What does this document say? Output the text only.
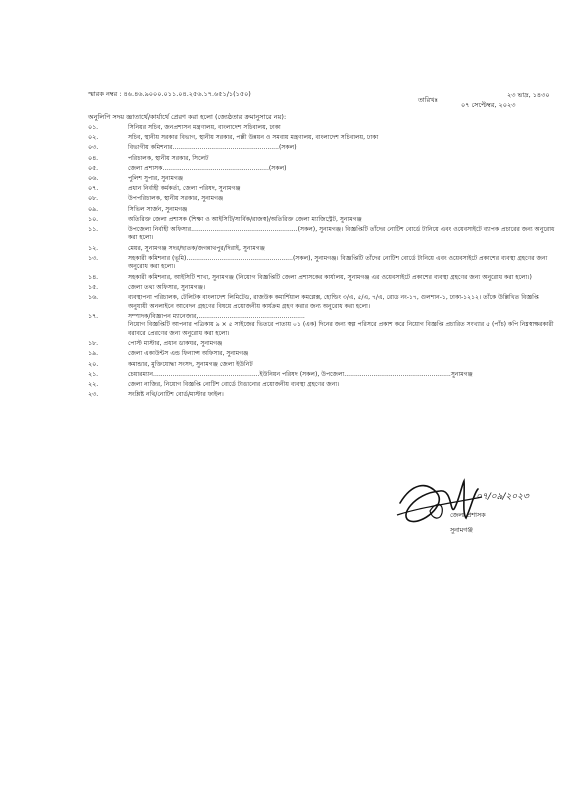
স্মারক নম্বর : ৪৬.৪৬.৯০০০.০১১.০৪.২৫৬.১৭.৬৫১/১(১৫০)	২৩ ভাদ্র, ১৪৩০
তারিখঃ
০৭ সেপ্টেম্বর, ২০২৩
অনুলিপি সদয় জ্ঞাতার্থে/কার্যার্থে প্রেরণ করা হলো (জ্যেষ্ঠতার ক্রমানুসারে নয়):
০১.	সিনিয়র সচিব, জনপ্রশাসন মন্ত্রণালয়, বাংলাদেশ সচিবালয়, ঢাকা
০২.	সচিব, স্থানীয় সরকার বিভাগ, স্থানীয় সরকার, পল্লী উন্নয়ন ও সমবায় মন্ত্রণালয়, বাংলাদেশ সচিবালয়, ঢাকা
০৩.	বিভাগীয় কমিশনার.......................................................(সকল)
০৪.	পরিচালক, স্থানীয় সরকার, সিলেট
০৫.	জেলা প্রশাসক.......................................................(সকল)
০৬.	পুলিশ সুপার, সুনামগঞ্জ
০৭.	প্রধান নির্বাহী কর্মকর্তা, জেলা পরিষদ, সুনামগঞ্জ
০৮.	উপপরিচালক, স্থানীয় সরকার, সুনামগঞ্জ
০৯.	সিভিল সার্জন, সুনামগঞ্জ
১০.	অতিরিক্ত জেলা প্রশাসক (শিক্ষা ও আইসিটি/সার্বিক/রাজস্ব)/অতিরিক্ত জেলা ম্যাজিস্ট্রেট, সুনামগঞ্জ
১১.	উপজেলা নির্বাহী অফিসার.......................................................(সকল), সুনামগঞ্জ। বিজ্ঞপ্তিটি তাঁদের নোটিশ বোর্ডে টানিয়ে এবং ওয়েবসাইটে ব্যাপক প্রচারের জন্য অনুরোধ করা হলো।
১২.	মেয়র, সুনামগঞ্জ সদর/ছাতক/জগন্নাথপুর/দিরাই, সুনামগঞ্জ
১৩.	সহকারী কমিশনার (ভূমি).......................................................(সকল), সুনামগঞ্জ। বিজ্ঞপ্তিটি তাঁদের নোটিশ বোর্ডে টানিয়ে এবং ওয়েবসাইটে প্রকাশের ব্যবস্থা গ্রহণের জন্য অনুরোধ করা হলো।
১৪.	সহকারী কমিশনার, আইসিটি শাখা, সুনামগঞ্জ (নিয়োগ বিজ্ঞপ্তিটি জেলা প্রশাসকের কার্যালয়, সুনামগঞ্জ এর ওয়েবসাইটে প্রকাশের ব্যবস্থা গ্রহণের জন্য অনুরোধ করা হলো।)
১৫.	জেলা তথ্য অফিসার, সুনামগঞ্জ।
১৬.	ব্যবস্থাপনা পরিচালক, টেলিটক বাংলাদেশ লিমিটেড, রাজউক কমার্শিয়াল কমপ্লেক্স, হোল্ডিং ৩/এ, ৫/এ, ৭/এ, রোড নং-১৭, গুলশান-১, ঢাকা-১২১২। তাঁকে উল্লিখিত বিজ্ঞপ্তি অনুযায়ী অনলাইনে আবেদন গ্রহণের বিষয়ে প্রয়োজনীয় কার্যক্রম গ্রহণ করার জন্য অনুরোধ করা হলো।
১৭.	সম্পাদক/বিজ্ঞাপন ম্যানেজার,.......................................................
নিয়োগ বিজ্ঞপ্তিটি আপনার পত্রিকায় ৯ × ৫ সাইজের ভিতরে পাতায় ০১ (এক) দিনের জন্য স্বল্প পরিসরে প্রকাশ করে নিয়োগ বিজ্ঞপ্তি প্রচারিত সংখ্যার ৫ (পাঁচ) কপি নিম্নস্বাক্ষরকারী বরাবরে প্রেরণের জন্য অনুরোধ করা হলো।
১৮.	পোস্ট মাস্টার, প্রধান ডাকঘর, সুনামগঞ্জ
১৯.	জেলা একাউন্টস এন্ড ফিন্যান্স অফিসার, সুনামগঞ্জ
২০.	কমান্ডার, মুক্তিযোদ্ধা সংসদ, সুনামগঞ্জ জেলা ইউনিট
২১.	চেয়ারম্যান.......................................................ইউনিয়ন পরিষদ (সকল), উপজেলা.......................................................সুনামগঞ্জ
২২.	জেলা নাজির, নিয়োগ বিজ্ঞপ্তি নোটিশ বোর্ডে টাঙানোর প্রয়োজনীয় ব্যবস্থা গ্রহণের জন্য।
২৩.	সংশ্লিষ্ট নথি/নোটিশ বোর্ড/মাস্টার ফাইল।
০৭/০৯/২০২৩
জেলা প্রশাসক
সুনামগঞ্জ
